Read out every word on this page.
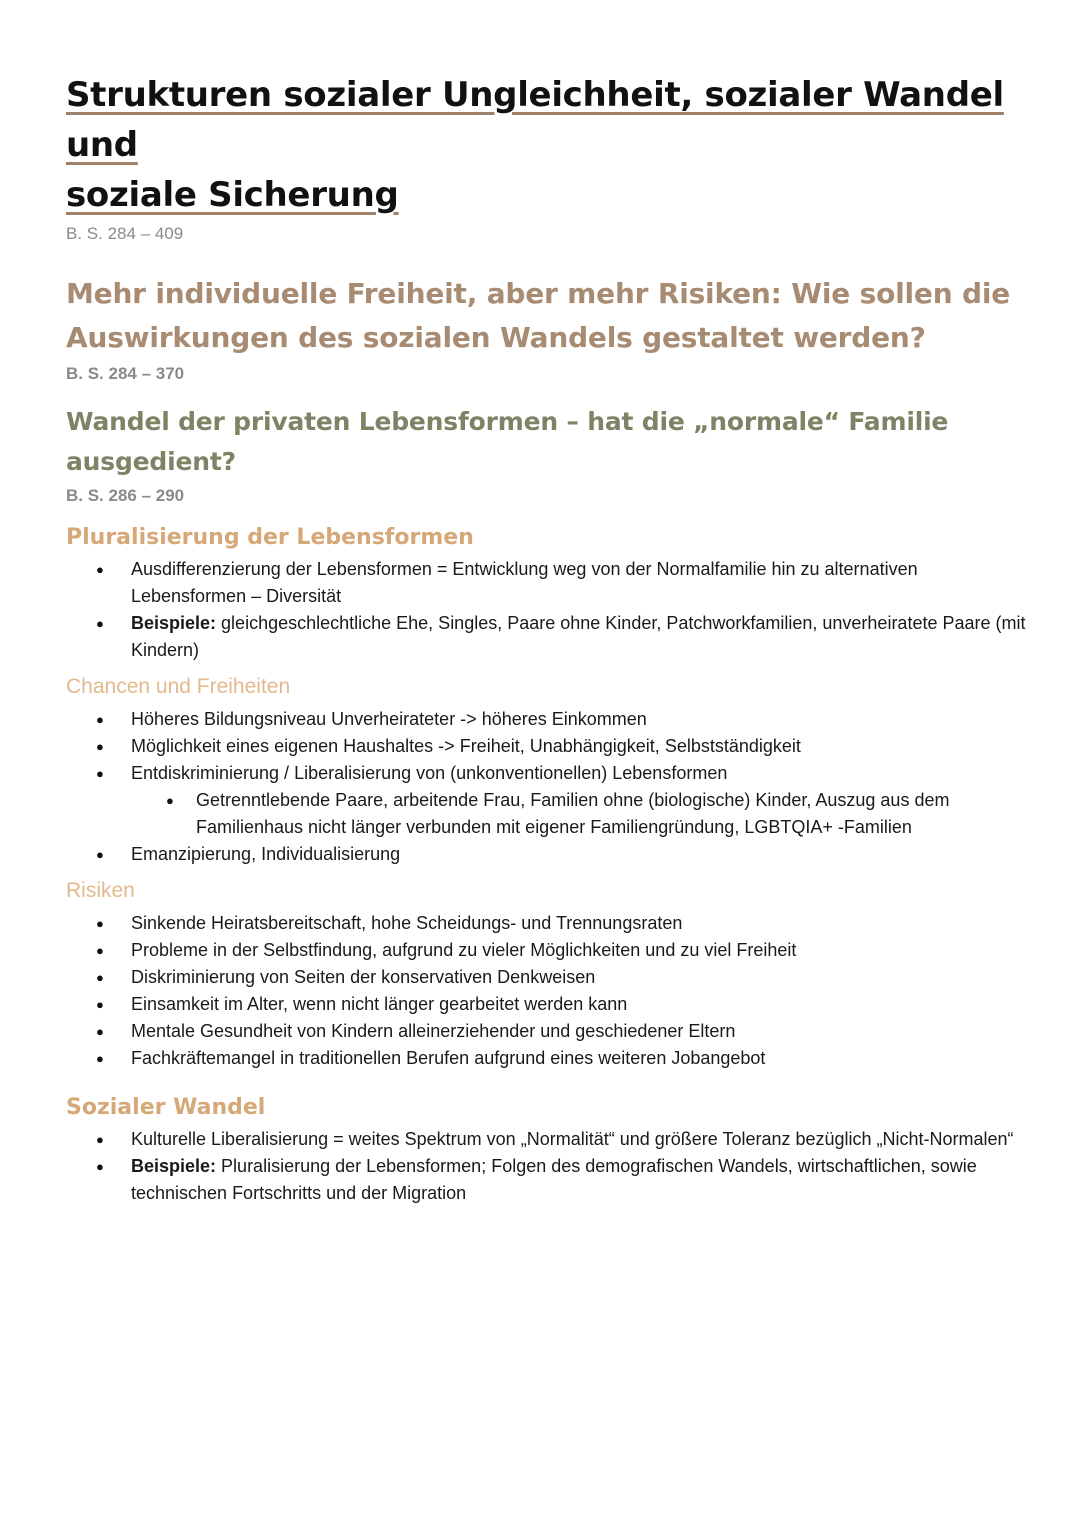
Strukturen sozialer Ungleichheit, sozialer Wandel und
soziale Sicherung

B. S. 284 – 409

Mehr individuelle Freiheit, aber mehr Risiken: Wie sollen die Auswirkungen des sozialen Wandels gestaltet werden?

B. S. 284 – 370

Wandel der privaten Lebensformen – hat die „normale“ Familie ausgedient?

B. S. 286 – 290

Pluralisierung der Lebensformen
● Ausdifferenzierung der Lebensformen = Entwicklung weg von der Normalfamilie hin zu alternativen Lebensformen – Diversität
● Beispiele: gleichgeschlechtliche Ehe, Singles, Paare ohne Kinder, Patchworkfamilien, unverheiratete Paare (mit Kindern)
Chancen und Freiheiten
● Höheres Bildungsniveau Unverheirateter -> höheres Einkommen
● Möglichkeit eines eigenen Haushaltes -> Freiheit, Unabhängigkeit, Selbstständigkeit
● Entdiskriminierung / Liberalisierung von (unkonventionellen) Lebensformen
● Getrenntlebende Paare, arbeitende Frau, Familien ohne (biologische) Kinder, Auszug aus dem Familienhaus nicht länger verbunden mit eigener Familiengründung, LGBTQIA+ -Familien
● Emanzipierung, Individualisierung
Risiken
● Sinkende Heiratsbereitschaft, hohe Scheidungs- und Trennungsraten
● Probleme in der Selbstfindung, aufgrund zu vieler Möglichkeiten und zu viel Freiheit
● Diskriminierung von Seiten der konservativen Denkweisen
● Einsamkeit im Alter, wenn nicht länger gearbeitet werden kann
● Mentale Gesundheit von Kindern alleinerziehender und geschiedener Eltern
● Fachkräftemangel in traditionellen Berufen aufgrund eines weiteren Jobangebot
Sozialer Wandel
● Kulturelle Liberalisierung = weites Spektrum von „Normalität“ und größere Toleranz bezüglich „Nicht-Normalen“
● Beispiele: Pluralisierung der Lebensformen; Folgen des demografischen Wandels, wirtschaftlichen, sowie technischen Fortschritts und der Migration
